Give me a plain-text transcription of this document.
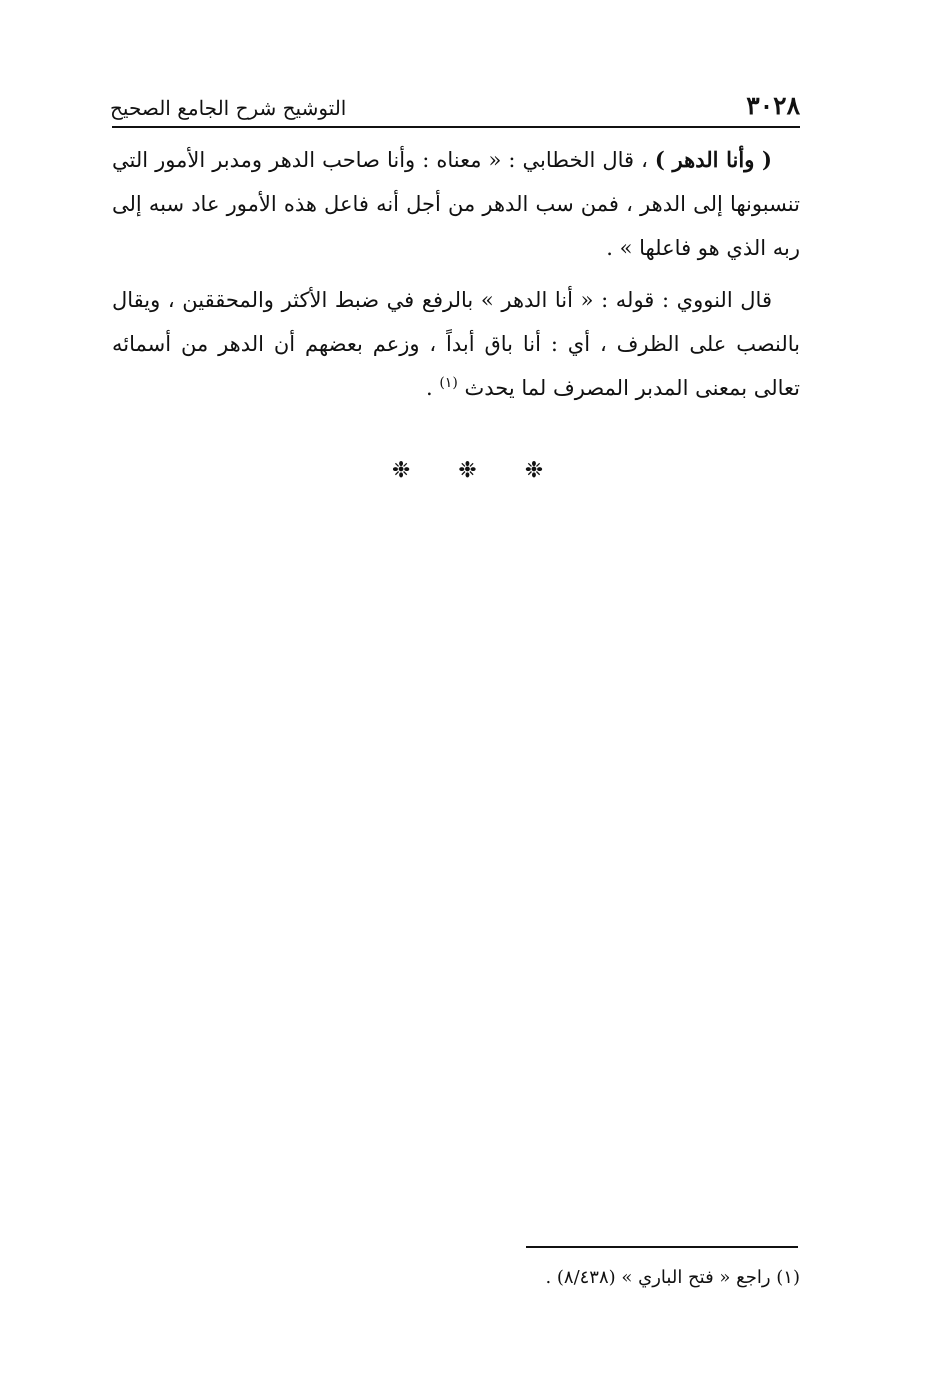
٣٠٢٨
التوشيح شرح الجامع الصحيح

( وأنا الدهر ) ، قال الخطابي : « معناه : وأنا صاحب الدهر ومدبر الأمور التي تنسبونها إلى الدهر ، فمن سب الدهر من أجل أنه فاعل هذه الأمور عاد سبه إلى ربه الذي هو فاعلها » .

قال النووي : قوله : « أنا الدهر » بالرفع في ضبط الأكثر والمحققين ، ويقال بالنصب على الظرف ، أي : أنا باق أبداً ، وزعم بعضهم أن الدهر من أسمائه تعالى بمعنى المدبر المصرف لما يحدث $^{(١)}$ .

❉ ❉ ❉
(١) راجع « فتح الباري » (٨/٤٣٨) .
